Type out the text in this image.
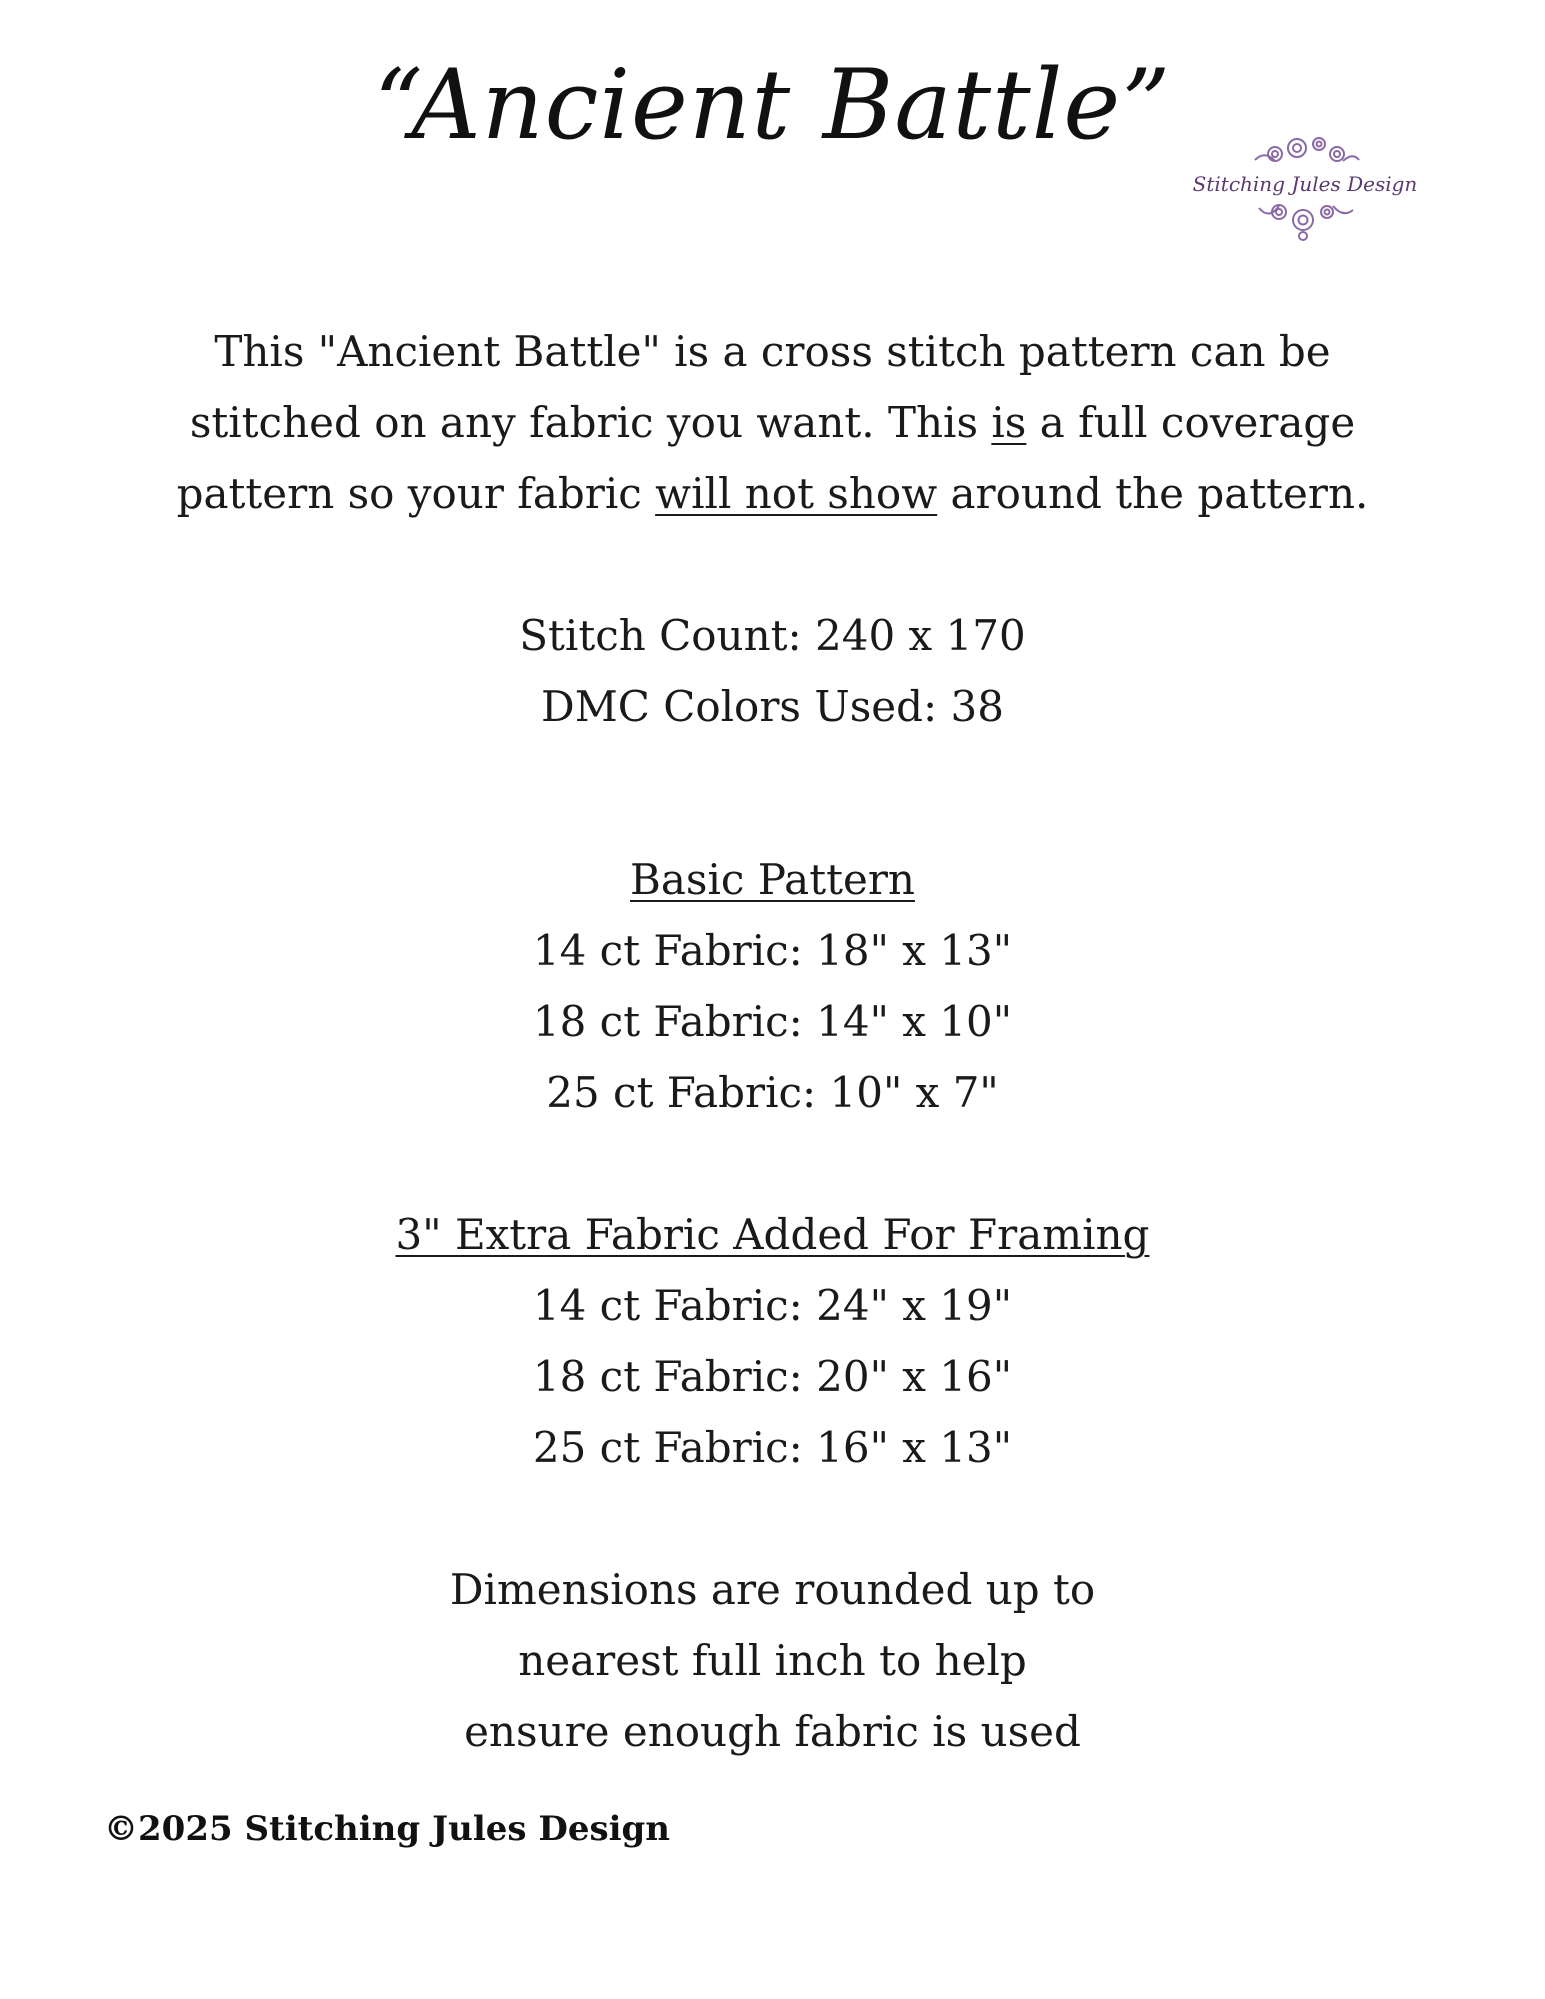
“Ancient Battle”
Stitching Jules Design

This "Ancient Battle" is a cross stitch pattern can be
stitched on any fabric you want. This is a full coverage
pattern so your fabric will not show around the pattern.

Stitch Count: 240 x 170
DMC Colors Used: 38

Basic Pattern
14 ct Fabric: 18" x 13"
18 ct Fabric: 14" x 10"
25 ct Fabric: 10" x 7"

3" Extra Fabric Added For Framing
14 ct Fabric: 24" x 19"
18 ct Fabric: 20" x 16"
25 ct Fabric: 16" x 13"

Dimensions are rounded up to
nearest full inch to help
ensure enough fabric is used

©2025 Stitching Jules Design
